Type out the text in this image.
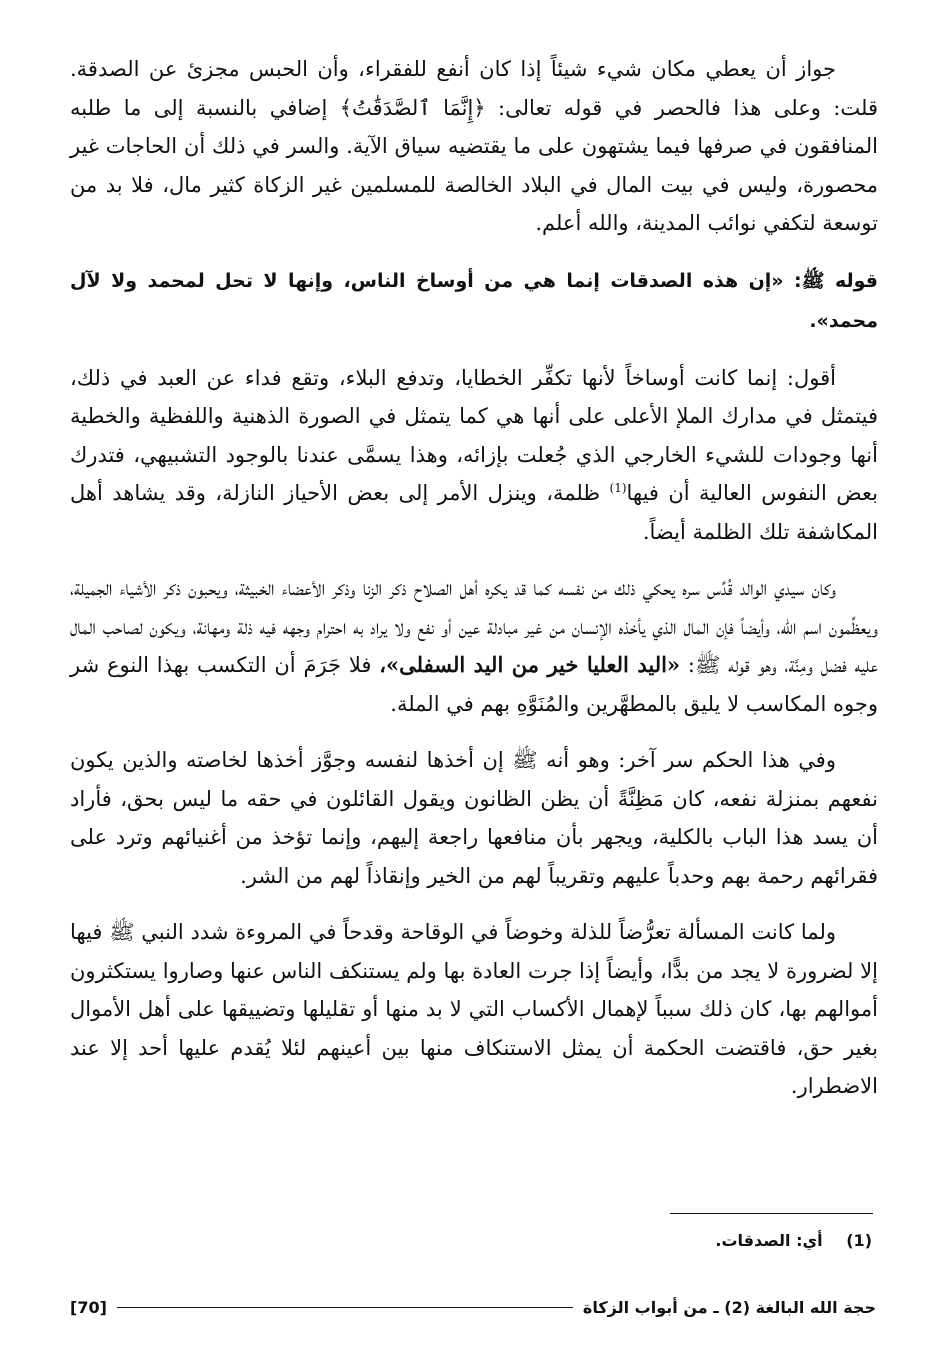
جواز أن يعطي مكان شيء شيئاً إذا كان أنفع للفقراء، وأن الحبس مجزئ عن الصدقة. قلت: وعلى هذا فالحصر في قوله تعالى: ﴿إِنَّمَا ٱلصَّدَقَٰتُ﴾ إضافي بالنسبة إلى ما طلبه المنافقون في صرفها فيما يشتهون على ما يقتضيه سياق الآية. والسر في ذلك أن الحاجات غير محصورة، وليس في بيت المال في البلاد الخالصة للمسلمين غير الزكاة كثير مال، فلا بد من توسعة لتكفي نوائب المدينة، والله أعلم.

قوله ﷺ: «إن هذه الصدقات إنما هي من أوساخ الناس، وإنها لا تحل لمحمد ولا لآل محمد».

أقول: إنما كانت أوساخاً لأنها تكفِّر الخطايا، وتدفع البلاء، وتقع فداء عن العبد في ذلك، فيتمثل في مدارك الملإ الأعلى على أنها هي كما يتمثل في الصورة الذهنية واللفظية والخطية أنها وجودات للشيء الخارجي الذي جُعلت بإزائه، وهذا يسمَّى عندنا بالوجود التشبيهي، فتدرك بعض النفوس العالية أن فيها$^{(1)}$ ظلمة، وينزل الأمر إلى بعض الأحياز النازلة، وقد يشاهد أهل المكاشفة تلك الظلمة أيضاً.

وكان سيدي الوالد قُدِّس سره يحكي ذلك من نفسه كما قد يكره أهل الصلاح ذكر الزنا وذكر الأعضاء الخبيثة، ويحبون ذكر الأشياء الجميلة، ويعظِّمون اسم الله، وأيضاً فإن المال الذي يأخذه الإنسان من غير مبادلة عين أو نفع ولا يراد به احترام وجهه فيه ذلة ومهانة، ويكون لصاحب المال عليه فضل ومِنَّة، وهو قوله ﷺ: «اليد العليا خير من اليد السفلى»، فلا جَرَمَ أن التكسب بهذا النوع شر وجوه المكاسب لا يليق بالمطهَّرين والمُنَوَّهِ بهم في الملة.

وفي هذا الحكم سر آخر: وهو أنه ﷺ إن أخذها لنفسه وجوَّز أخذها لخاصته والذين يكون نفعهم بمنزلة نفعه، كان مَظِنَّةً أن يظن الظانون ويقول القائلون في حقه ما ليس بحق، فأراد أن يسد هذا الباب بالكلية، ويجهر بأن منافعها راجعة إليهم، وإنما تؤخذ من أغنيائهم وترد على فقرائهم رحمة بهم وحدباً عليهم وتقريباً لهم من الخير وإنقاذاً لهم من الشر.

ولما كانت المسألة تعرُّضاً للذلة وخوضاً في الوقاحة وقدحاً في المروءة شدد النبي ﷺ فيها إلا لضرورة لا يجد من بدًّا، وأيضاً إذا جرت العادة بها ولم يستنكف الناس عنها وصاروا يستكثرون أموالهم بها، كان ذلك سبباً لإهمال الأكساب التي لا بد منها أو تقليلها وتضييقها على أهل الأموال بغير حق، فاقتضت الحكمة أن يمثل الاستنكاف منها بين أعينهم لئلا يُقدم عليها أحد إلا عند الاضطرار.

(1) أي: الصدقات.
حجة الله البالغة (2) ـ من أبواب الزكاة
[70]
